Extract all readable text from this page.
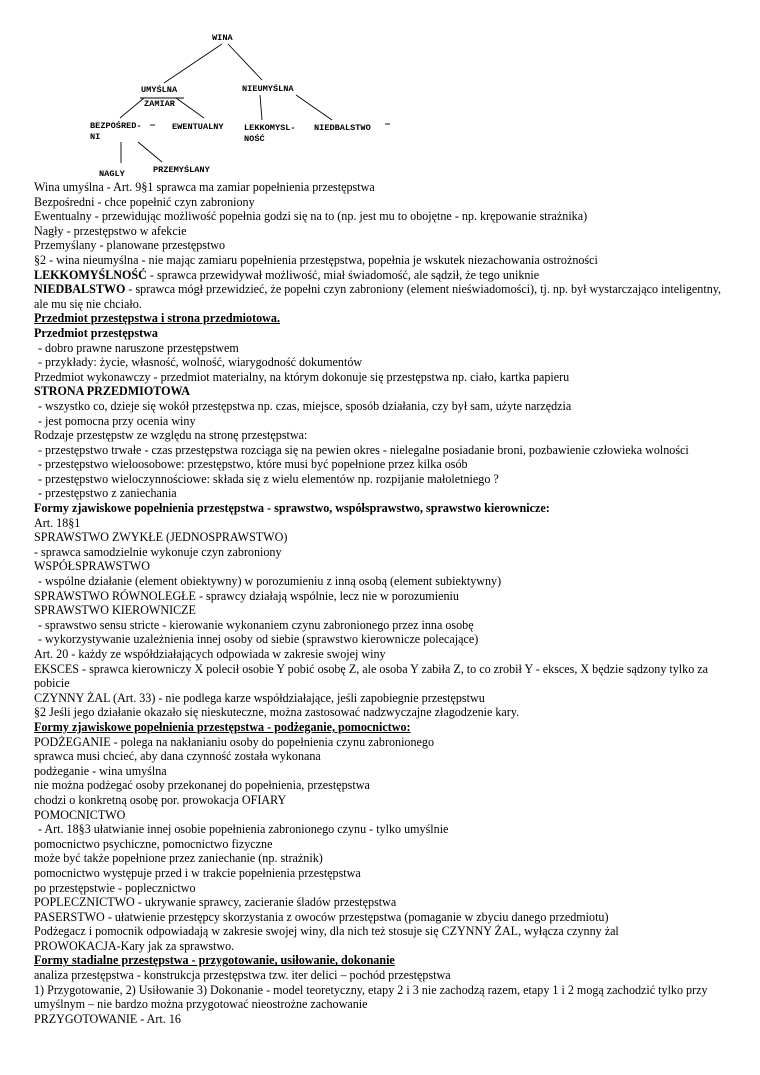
WINA
UMYŚLNA
ZAMIAR
NIEUMYŚLNA
BEZPOŚRED-
NI
EWENTUALNY LEKKOMYSL-
NOŚĆ
NIEDBALSTWO
NAGLY	PRZEMYŚLANY
Wina umyślna - Art. 9§1 sprawca ma zamiar popełnienia przestępstwa
Bezpośredni - chce popełnić czyn zabroniony
Ewentualny - przewidując możliwość popełnia godzi się na to (np. jest mu to obojętne - np. krępowanie strażnika)
Nagły - przestępstwo w afekcie
Przemyślany - planowane przestępstwo
§2 - wina nieumyślna - nie mając zamiaru popełnienia przestępstwa, popełnia je wskutek niezachowania ostrożności
LEKKOMYŚLNOŚĆ - sprawca przewidywał możliwość, miał świadomość, ale sądził, że tego uniknie
NIEDBALSTWO - sprawca mógł przewidzieć, że popełni czyn zabroniony (element nieświadomości), tj. np. był wystarczająco inteligentny, ale mu się nie chciało.
Przedmiot przestępstwa i strona przedmiotowa.
Przedmiot przestępstwa
- dobro prawne naruszone przestępstwem
- przykłady: życie, własność, wolność, wiarygodność dokumentów
Przedmiot wykonawczy - przedmiot materialny, na którym dokonuje się przestępstwa np. ciało, kartka papieru
STRONA PRZEDMIOTOWA
- wszystko co, dzieje się wokół przestępstwa np. czas, miejsce, sposób działania, czy był sam, użyte narzędzia
- jest pomocna przy ocenia winy
Rodzaje przestępstw ze względu na stronę przestępstwa:
- przestępstwo trwałe - czas przestępstwa rozciąga się na pewien okres - nielegalne posiadanie broni, pozbawienie człowieka wolności
- przestępstwo wieloosobowe: przestępstwo, które musi być popełnione przez kilka osób
- przestępstwo wieloczynnościowe: składa się z wielu elementów np. rozpijanie małoletniego ?
- przestępstwo z zaniechania
Formy zjawiskowe popełnienia przestępstwa - sprawstwo, współsprawstwo, sprawstwo kierownicze:
Art. 18§1
SPRAWSTWO ZWYKŁE (JEDNOSPRAWSTWO)
- sprawca samodzielnie wykonuje czyn zabroniony
WSPÓŁSPRAWSTWO
- wspólne działanie (element obiektywny) w porozumieniu z inną osobą (element subiektywny)
SPRAWSTWO RÓWNOLEGŁE - sprawcy działają wspólnie, lecz nie w porozumieniu
SPRAWSTWO KIEROWNICZE
- sprawstwo sensu stricte - kierowanie wykonaniem czynu zabronionego przez inna osobę
- wykorzystywanie uzależnienia innej osoby od siebie (sprawstwo kierownicze polecające)
Art. 20 - każdy ze współdziałających odpowiada w zakresie swojej winy
EKSCES - sprawca kierowniczy X polecił osobie Y pobić osobę Z, ale osoba Y zabiła Z, to co zrobił Y - eksces, X będzie sądzony tylko za pobicie
CZYNNY ŻAL (Art. 33) - nie podlega karze współdziałające, jeśli zapobiegnie przestępstwu
§2 Jeśli jego działanie okazało się nieskuteczne, można zastosować nadzwyczajne złagodzenie kary.
Formy zjawiskowe popełnienia przestępstwa - podżeganie, pomocnictwo:
PODŻEGANIE - polega na nakłanianiu osoby do popełnienia czynu zabronionego
sprawca musi chcieć, aby dana czynność została wykonana
podżeganie - wina umyślna
nie można podżegać osoby przekonanej do popełnienia, przestępstwa
chodzi o konkretną osobę por. prowokacja OFIARY
POMOCNICTWO
- Art. 18§3 ułatwianie innej osobie popełnienia zabronionego czynu - tylko umyślnie
pomocnictwo psychiczne, pomocnictwo fizyczne
może być także popełnione przez zaniechanie (np. strażnik)
pomocnictwo występuje przed i w trakcie popełnienia przestępstwa
po przestępstwie - poplecznictwo
POPLECZNICTWO - ukrywanie sprawcy, zacieranie śladów przestępstwa
PASERSTWO - ułatwienie przestępcy skorzystania z owoców przestępstwa (pomaganie w zbyciu danego przedmiotu)
Podżegacz i pomocnik odpowiadają w zakresie swojej winy, dla nich też stosuje się CZYNNY ŻAL, wyłącza czynny żal
PROWOKACJA-Kary jak za sprawstwo.
Formy stadialne przestępstwa - przygotowanie, usiłowanie, dokonanie
analiza przestępstwa - konstrukcja przestępstwa tzw. iter delici – pochód przestępstwa
1) Przygotowanie, 2) Usiłowanie 3) Dokonanie - model teoretyczny, etapy 2 i 3 nie zachodzą razem, etapy 1 i 2 mogą zachodzić tylko przy umyślnym – nie bardzo można przygotować nieostrożne zachowanie
PRZYGOTOWANIE - Art. 16
